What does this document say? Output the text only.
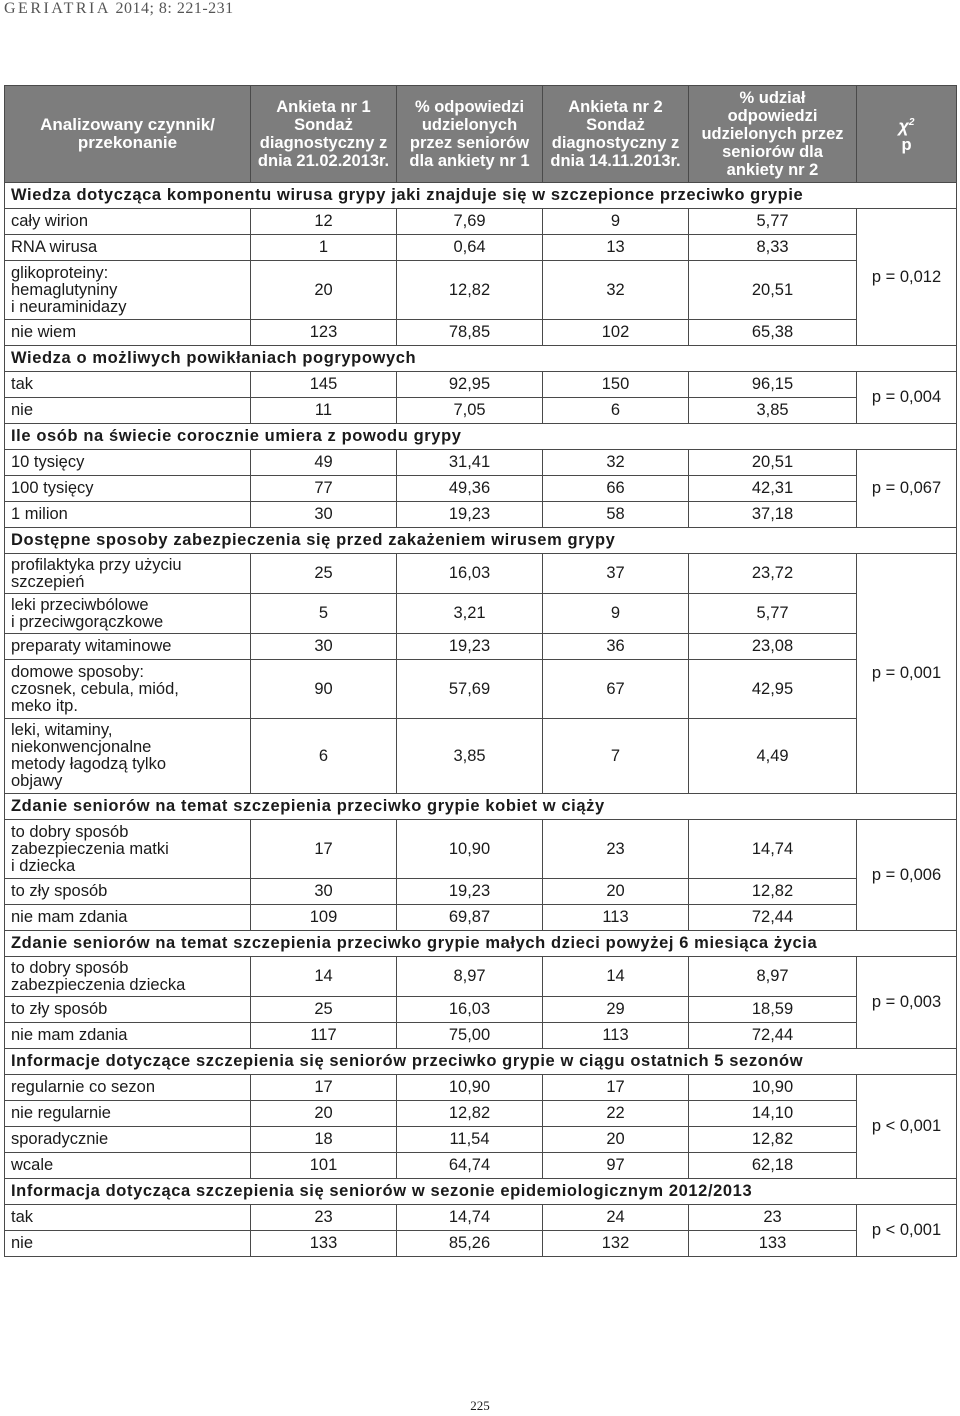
GERIATRIA 2014; 8: 221-231
Analizowany czynnik/ przekonanie	Ankieta nr 1 Sondaż diagnostyczny z dnia 21.02.2013r.	% odpowiedzi udzielonych przez seniorów dla ankiety nr 1	Ankieta nr 2 Sondaż diagnostyczny z dnia 14.11.2013r.	% udział odpowiedzi udzielonych przez seniorów dla ankiety nr 2	$\chi^2$
p
Wiedza dotycząca komponentu wirusa grypy jaki znajduje się w szczepionce przeciwko grypie					
cały wirion	12	7,69	9	5,77	p = 0,012
RNA wirusa	1	0,64	13	8,33	
glikoproteiny:
hemaglutyniny
i neuraminidazy	20	12,82	32	20,51	
nie wiem	123	78,85	102	65,38	
Wiedza o możliwych powikłaniach pogrypowych					
tak	145	92,95	150	96,15	p = 0,004
nie	11	7,05	6	3,85	
Ile osób na świecie corocznie umiera z powodu grypy					
10 tysięcy	49	31,41	32	20,51	p = 0,067
100 tysięcy	77	49,36	66	42,31	
1 milion	30	19,23	58	37,18	
Dostępne sposoby zabezpieczenia się przed zakażeniem wirusem grypy					
profilaktyka przy użyciu
szczepień	25	16,03	37	23,72	p = 0,001
leki przeciwbólowe
i przeciwgorączkowe	5	3,21	9	5,77	
preparaty witaminowe	30	19,23	36	23,08	
domowe sposoby:
czosnek, cebula, miód,
meko itp.	90	57,69	67	42,95	
leki, witaminy,
niekonwencjonalne
metody łagodzą tylko
objawy	6	3,85	7	4,49	
Zdanie seniorów na temat szczepienia przeciwko grypie kobiet w ciąży					
to dobry sposób
zabezpieczenia matki
i dziecka	17	10,90	23	14,74	p = 0,006
to zły sposób	30	19,23	20	12,82	
nie mam zdania	109	69,87	113	72,44	
Zdanie seniorów na temat szczepienia przeciwko grypie małych dzieci powyżej 6 miesiąca życia					
to dobry sposób
zabezpieczenia dziecka	14	8,97	14	8,97	p = 0,003
to zły sposób	25	16,03	29	18,59	
nie mam zdania	117	75,00	113	72,44	
Informacje dotyczące szczepienia się seniorów przeciwko grypie w ciągu ostatnich 5 sezonów					
regularnie co sezon	17	10,90	17	10,90	p < 0,001
nie regularnie	20	12,82	22	14,10	
sporadycznie	18	11,54	20	12,82	
wcale	101	64,74	97	62,18	
Informacja dotycząca szczepienia się seniorów w sezonie epidemiologicznym 2012/2013					
tak	23	14,74	24	23	p < 0,001
nie	133	85,26	132	133	
225
